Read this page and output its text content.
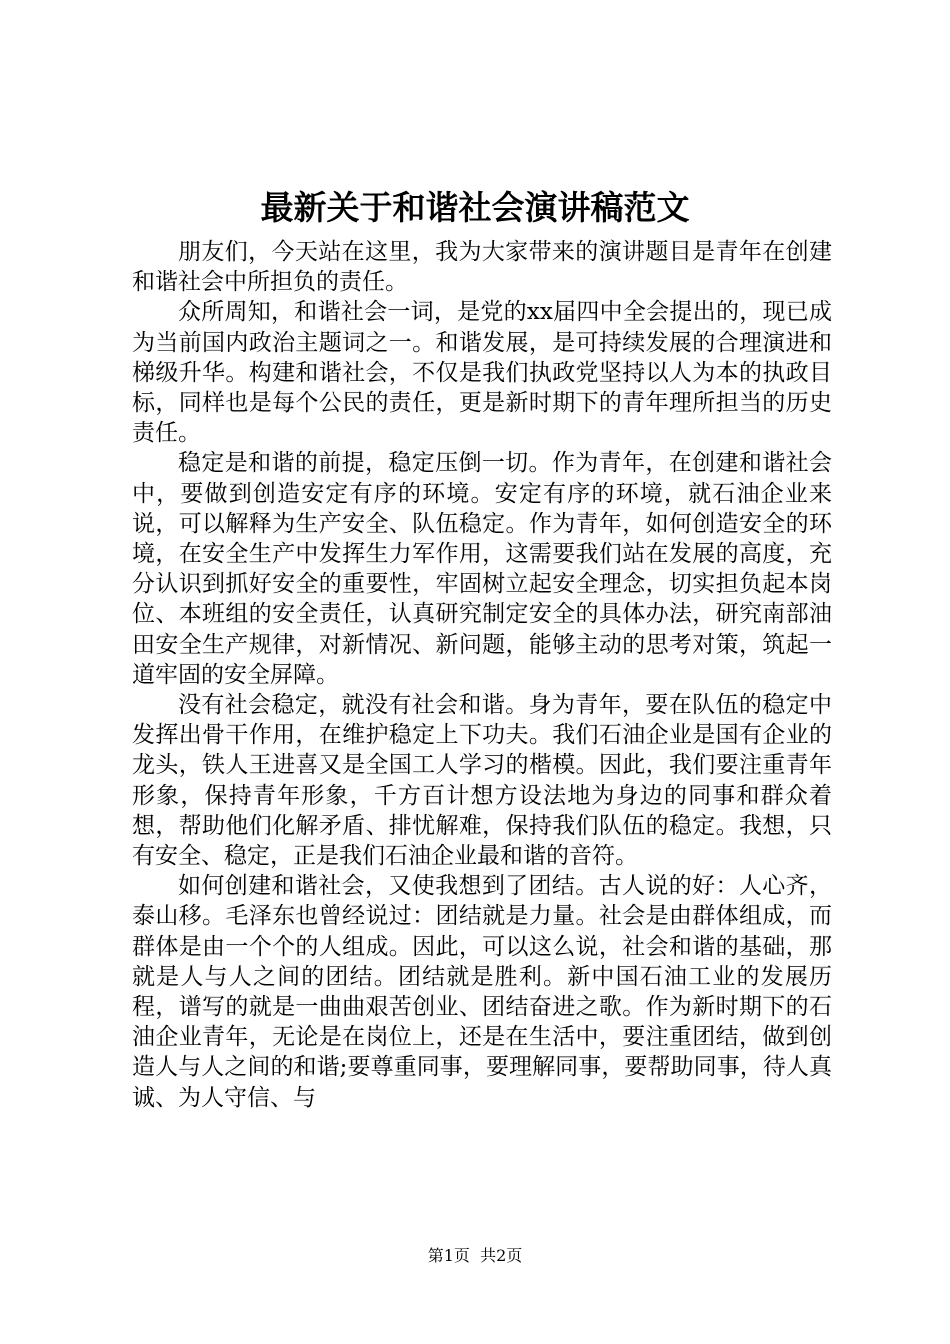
最新关于和谐社会演讲稿范文

朋友们，今天站在这里，我为大家带来的演讲题目是青年在创建和谐社会中所担负的责任。

众所周知，和谐社会一词，是党的xx届四中全会提出的，现已成为当前国内政治主题词之一。和谐发展，是可持续发展的合理演进和梯级升华。构建和谐社会，不仅是我们执政党坚持以人为本的执政目标，同样也是每个公民的责任，更是新时期下的青年理所担当的历史责任。

稳定是和谐的前提，稳定压倒一切。作为青年，在创建和谐社会中，要做到创造安定有序的环境。安定有序的环境，就石油企业来说，可以解释为生产安全、队伍稳定。作为青年，如何创造安全的环境，在安全生产中发挥生力军作用，这需要我们站在发展的高度，充分认识到抓好安全的重要性，牢固树立起安全理念，切实担负起本岗位、本班组的安全责任，认真研究制定安全的具体办法，研究南部油田安全生产规律，对新情况、新问题，能够主动的思考对策，筑起一道牢固的安全屏障。

没有社会稳定，就没有社会和谐。身为青年，要在队伍的稳定中发挥出骨干作用，在维护稳定上下功夫。我们石油企业是国有企业的龙头，铁人王进喜又是全国工人学习的楷模。因此，我们要注重青年形象，保持青年形象，千方百计想方设法地为身边的同事和群众着想，帮助他们化解矛盾、排忧解难，保持我们队伍的稳定。我想，只有安全、稳定，正是我们石油企业最和谐的音符。

如何创建和谐社会，又使我想到了团结。古人说的好：人心齐，泰山移。毛泽东也曾经说过：团结就是力量。社会是由群体组成，而群体是由一个个的人组成。因此，可以这么说，社会和谐的基础，那就是人与人之间的团结。团结就是胜利。新中国石油工业的发展历程，谱写的就是一曲曲艰苦创业、团结奋进之歌。作为新时期下的石油企业青年，无论是在岗位上，还是在生活中，要注重团结，做到创造人与人之间的和谐;要尊重同事，要理解同事，要帮助同事，待人真诚、为人守信、与

第1页  共2页
